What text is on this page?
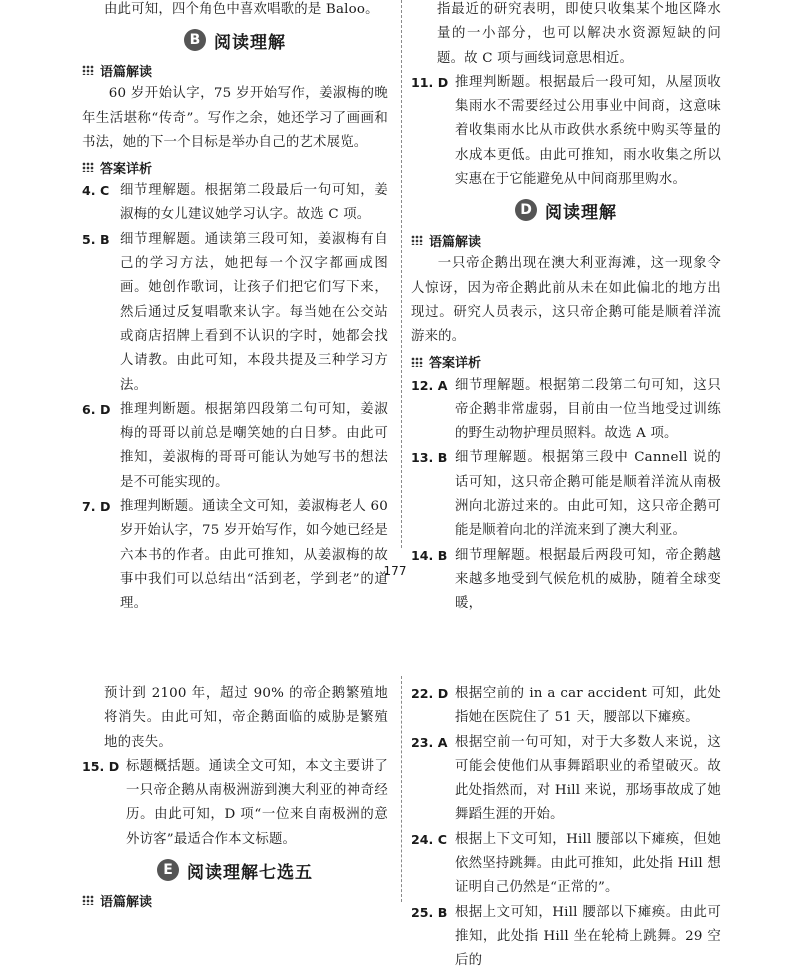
由此可知，四个角色中喜欢唱歌的是 Baloo。

B 阅读理解
语篇解读

60 岁开始认字，75 岁开始写作，姜淑梅的晚年生活堪称“传奇”。写作之余，她还学习了画画和书法，她的下一个目标是举办自己的艺术展览。

答案详析
4. C 细节理解题。根据第二段最后一句可知，姜淑梅的女儿建议她学习认字。故选 C 项。

5. B 细节理解题。通读第三段可知，姜淑梅有自己的学习方法，她把每一个汉字都画成图画。她创作歌词，让孩子们把它们写下来，然后通过反复唱歌来认字。每当她在公交站或商店招牌上看到不认识的字时，她都会找人请教。由此可知，本段共提及三种学习方法。

6. D 推理判断题。根据第四段第二句可知，姜淑梅的哥哥以前总是嘲笑她的白日梦。由此可推知，姜淑梅的哥哥可能认为她写书的想法是不可能实现的。

7. D 推理判断题。通读全文可知，姜淑梅老人 60 岁开始认字，75 岁开始写作，如今她已经是六本书的作者。由此可推知，从姜淑梅的故事中我们可以总结出“活到老，学到老”的道理。

指最近的研究表明，即使只收集某个地区降水量的一小部分，也可以解决水资源短缺的问题。故 C 项与画线词意思相近。

11. D 推理判断题。根据最后一段可知，从屋顶收集雨水不需要经过公用事业中间商，这意味着收集雨水比从市政供水系统中购买等量的水成本更低。由此可推知，雨水收集之所以实惠在于它能避免从中间商那里购水。

D 阅读理解
语篇解读

一只帝企鹅出现在澳大利亚海滩，这一现象令人惊讶，因为帝企鹅此前从未在如此偏北的地方出现过。研究人员表示，这只帝企鹅可能是顺着洋流游来的。

答案详析
12. A 细节理解题。根据第二段第二句可知，这只帝企鹅非常虚弱，目前由一位当地受过训练的野生动物护理员照料。故选 A 项。

13. B 细节理解题。根据第三段中 Cannell 说的话可知，这只帝企鹅可能是顺着洋流从南极洲向北游过来的。由此可知，这只帝企鹅可能是顺着向北的洋流来到了澳大利亚。

14. B 细节理解题。根据最后两段可知，帝企鹅越来越多地受到气候危机的威胁，随着全球变暖，

177

预计到 2100 年，超过 90% 的帝企鹅繁殖地将消失。由此可知，帝企鹅面临的威胁是繁殖地的丧失。

15. D 标题概括题。通读全文可知，本文主要讲了一只帝企鹅从南极洲游到澳大利亚的神奇经历。由此可知，D 项“一位来自南极洲的意外访客”最适合作本文标题。

E 阅读理解七选五
语篇解读
22. D 根据空前的 in a car accident 可知，此处指她在医院住了 51 天，腰部以下瘫痪。

23. A 根据空前一句可知，对于大多数人来说，这可能会使他们从事舞蹈职业的希望破灭。故此处指然而，对 Hill 来说，那场事故成了她舞蹈生涯的开始。

24. C 根据上下文可知，Hill 腰部以下瘫痪，但她依然坚持跳舞。由此可推知，此处指 Hill 想证明自己仍然是“正常的”。

25. B 根据上文可知，Hill 腰部以下瘫痪。由此可推知，此处指 Hill 坐在轮椅上跳舞。29 空后的
